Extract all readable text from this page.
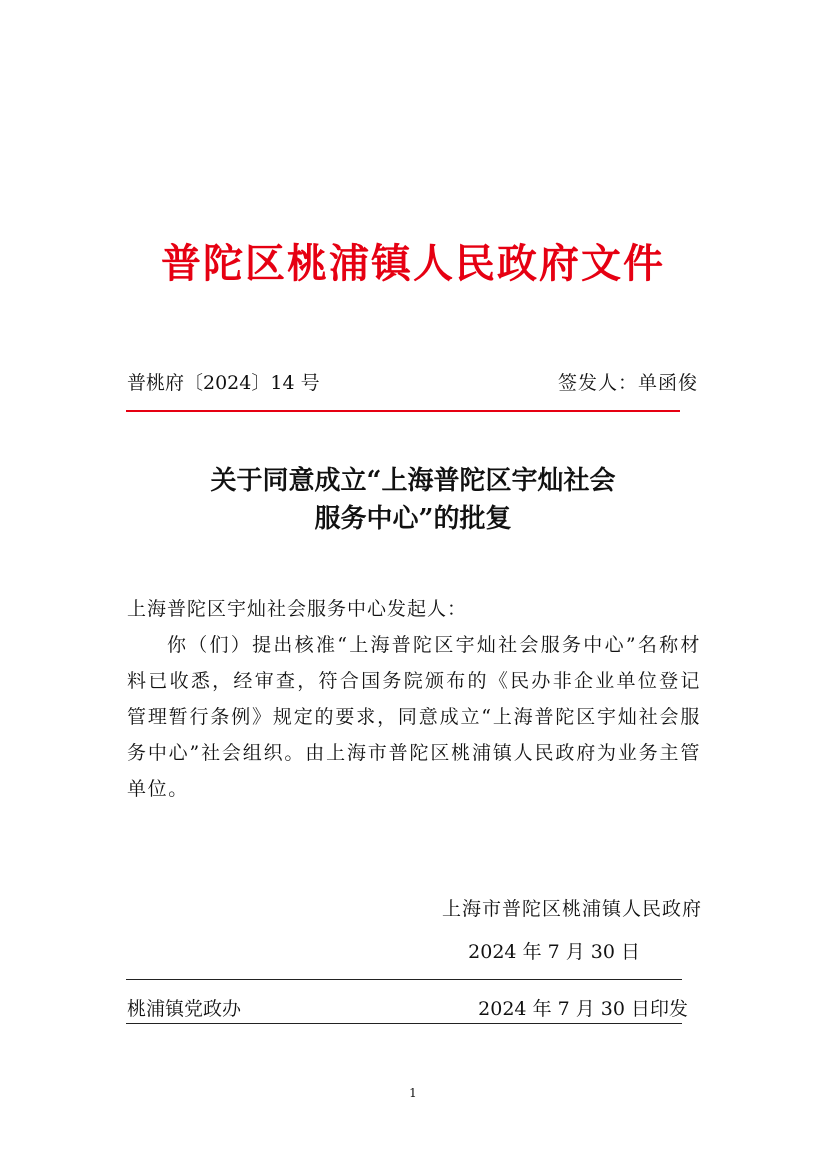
普陀区桃浦镇人民政府文件
普桃府〔2024〕14 号	签发人：单函俊
关于同意成立“上海普陀区宇灿社会
服务中心”的批复
上海普陀区宇灿社会服务中心发起人：
你（们）提出核准“上海普陀区宇灿社会服务中心”名称材料已收悉，经审查，符合国务院颁布的《民办非企业单位登记管理暂行条例》规定的要求，同意成立“上海普陀区宇灿社会服务中心”社会组织。由上海市普陀区桃浦镇人民政府为业务主管单位。
上海市普陀区桃浦镇人民政府
2024 年 7 月 30 日
桃浦镇党政办	2024 年 7 月 30 日印发
1
